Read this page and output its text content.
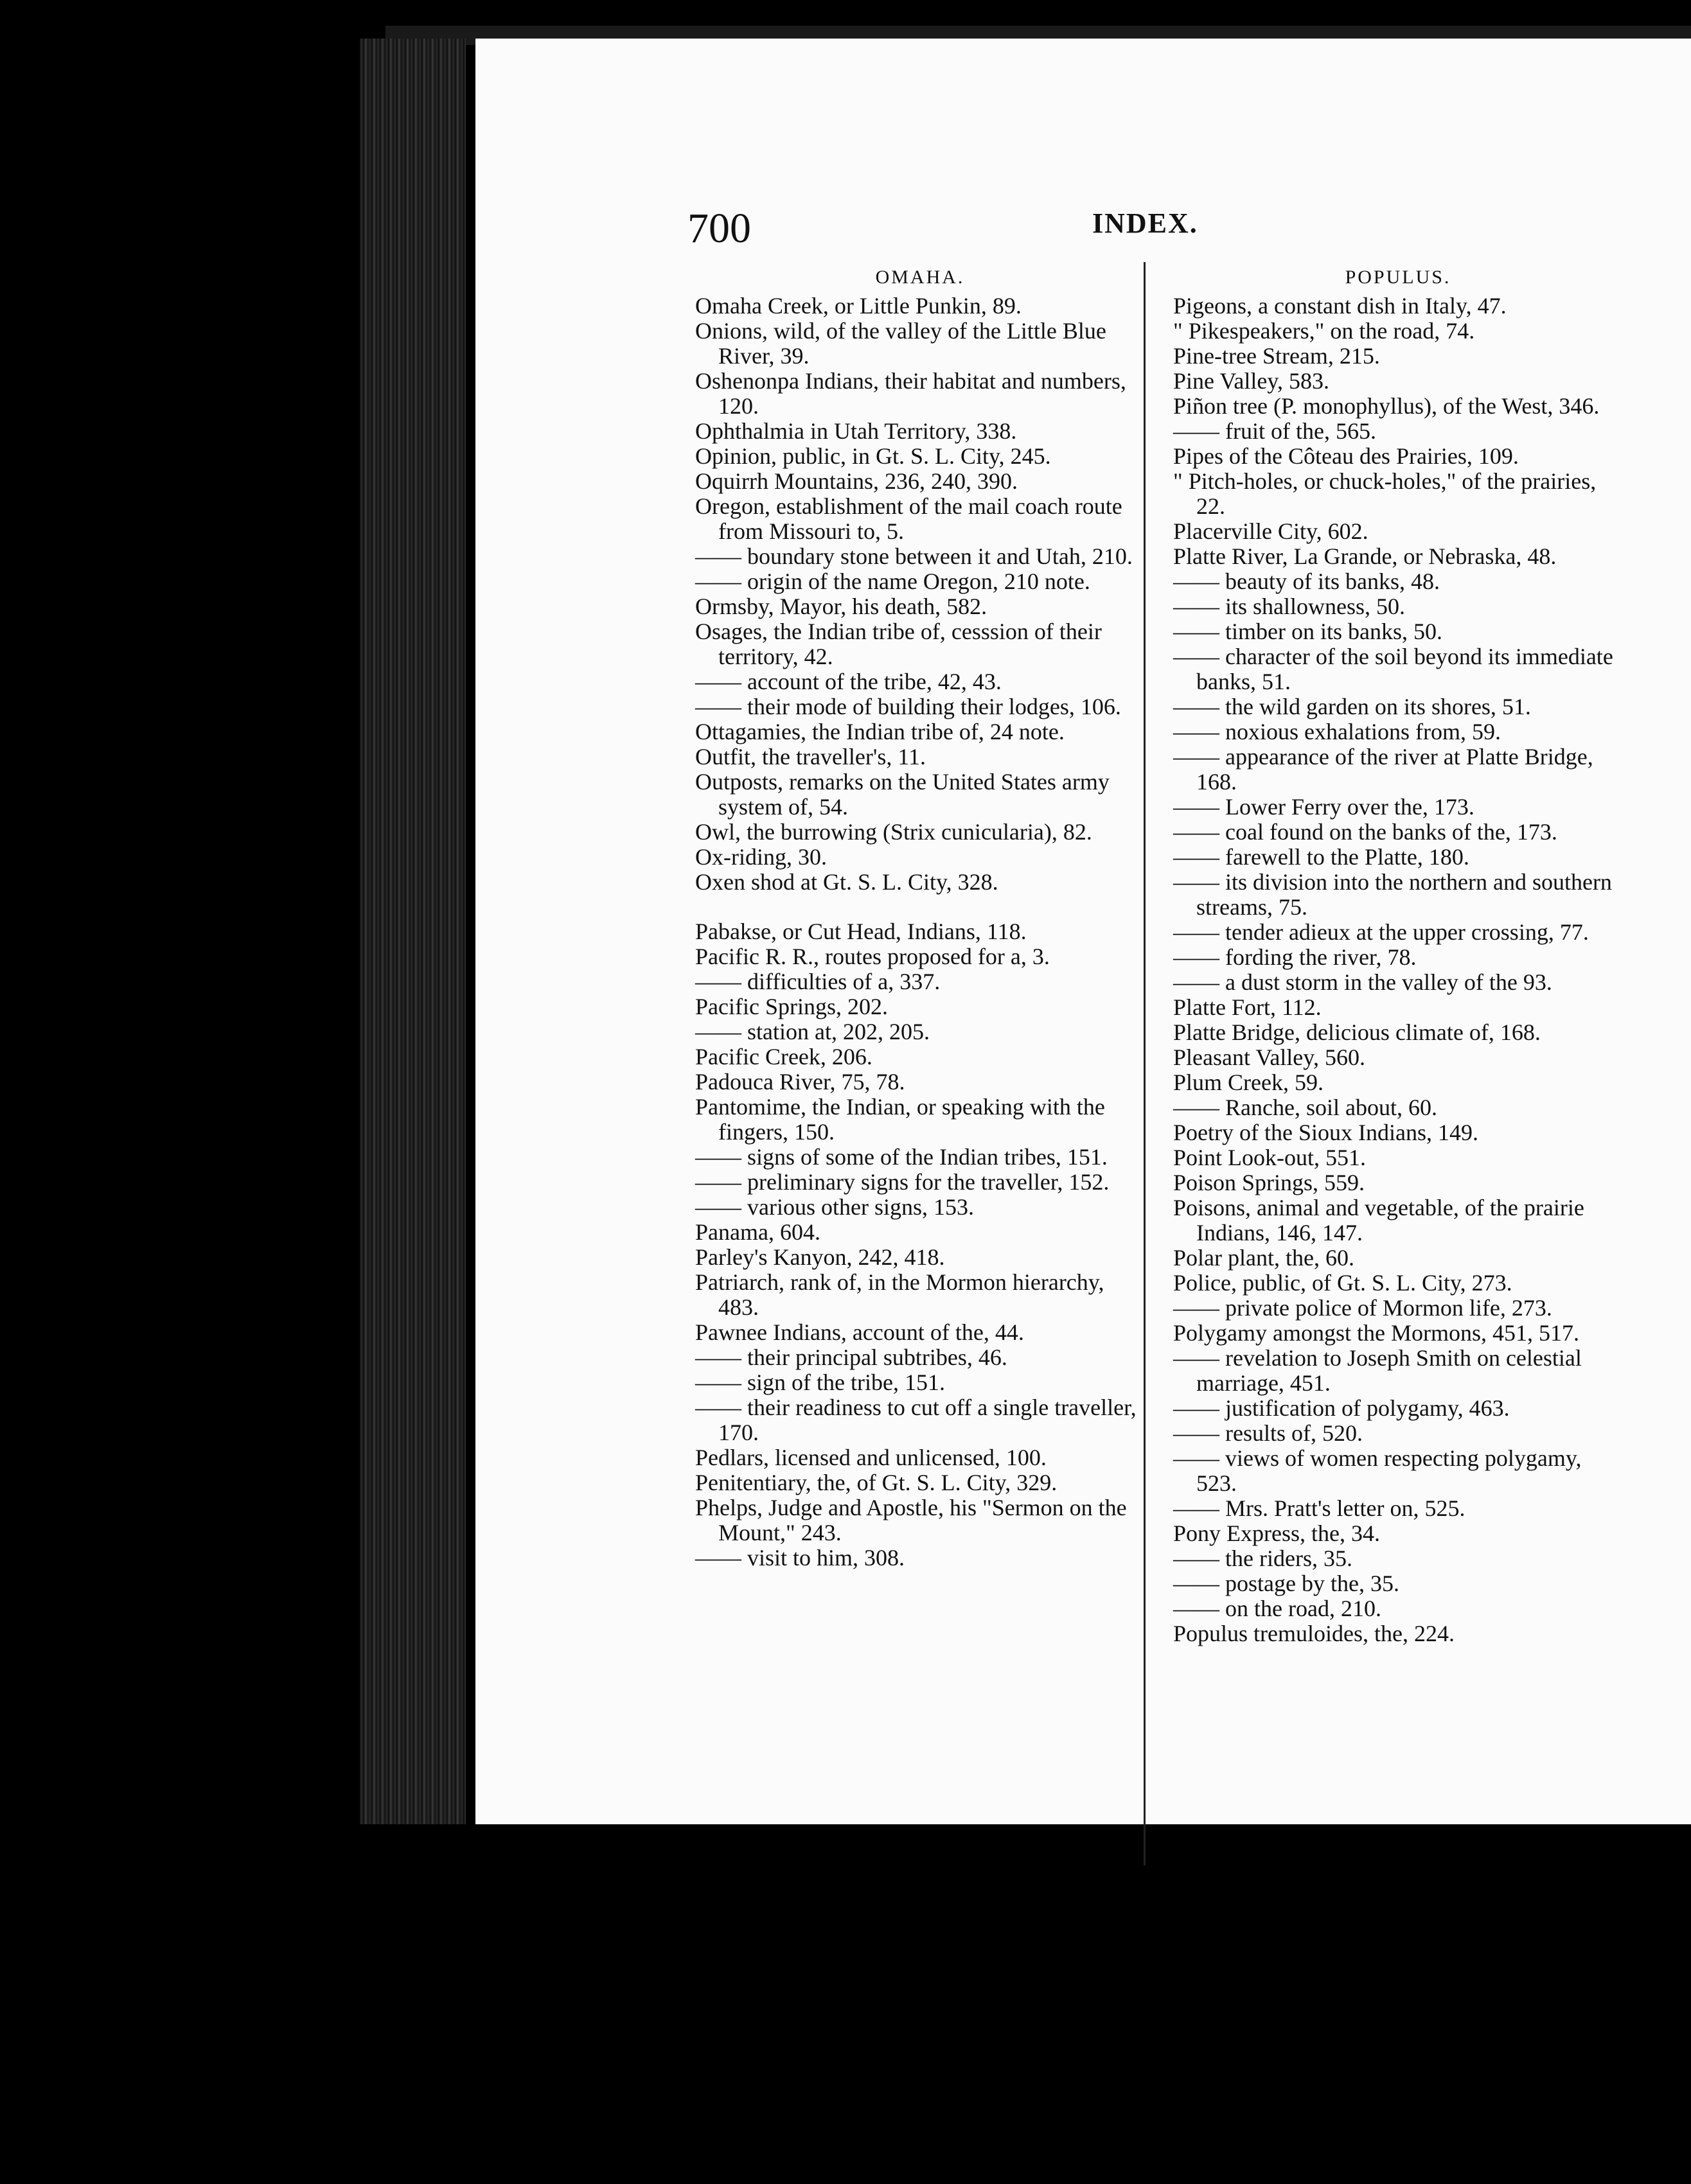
700	INDEX.
OMAHA.
Omaha Creek, or Little Punkin, 89.
Onions, wild, of the valley of the Little Blue River, 39.
Oshenonpa Indians, their habitat and numbers, 120.
Ophthalmia in Utah Territory, 338.
Opinion, public, in Gt. S. L. City, 245.
Oquirrh Mountains, 236, 240, 390.
Oregon, establishment of the mail coach route from Missouri to, 5.
—— boundary stone between it and Utah, 210.
—— origin of the name Oregon, 210 note.
Ormsby, Mayor, his death, 582.
Osages, the Indian tribe of, cesssion of their territory, 42.
—— account of the tribe, 42, 43.
—— their mode of building their lodges, 106.
Ottagamies, the Indian tribe of, 24 note.
Outfit, the traveller's, 11.
Outposts, remarks on the United States army system of, 54.
Owl, the burrowing (Strix cunicularia), 82.
Ox-riding, 30.
Oxen shod at Gt. S. L. City, 328.
Pabakse, or Cut Head, Indians, 118.
Pacific R. R., routes proposed for a, 3.
—— difficulties of a, 337.
Pacific Springs, 202.
—— station at, 202, 205.
Pacific Creek, 206.
Padouca River, 75, 78.
Pantomime, the Indian, or speaking with the fingers, 150.
—— signs of some of the Indian tribes, 151.
—— preliminary signs for the traveller, 152.
—— various other signs, 153.
Panama, 604.
Parley's Kanyon, 242, 418.
Patriarch, rank of, in the Mormon hierarchy, 483.
Pawnee Indians, account of the, 44.
—— their principal subtribes, 46.
—— sign of the tribe, 151.
—— their readiness to cut off a single traveller, 170.
Pedlars, licensed and unlicensed, 100.
Penitentiary, the, of Gt. S. L. City, 329.
Phelps, Judge and Apostle, his "Sermon on the Mount," 243.
—— visit to him, 308.
POPULUS.
Pigeons, a constant dish in Italy, 47.
" Pikespeakers," on the road, 74.
Pine-tree Stream, 215.
Pine Valley, 583.
Piñon tree (P. monophyllus), of the West, 346.
—— fruit of the, 565.
Pipes of the Côteau des Prairies, 109.
" Pitch-holes, or chuck-holes," of the prairies, 22.
Placerville City, 602.
Platte River, La Grande, or Nebraska, 48.
—— beauty of its banks, 48.
—— its shallowness, 50.
—— timber on its banks, 50.
—— character of the soil beyond its immediate banks, 51.
—— the wild garden on its shores, 51.
—— noxious exhalations from, 59.
—— appearance of the river at Platte Bridge, 168.
—— Lower Ferry over the, 173.
—— coal found on the banks of the, 173.
—— farewell to the Platte, 180.
—— its division into the northern and southern streams, 75.
—— tender adieux at the upper crossing, 77.
—— fording the river, 78.
—— a dust storm in the valley of the 93.
Platte Fort, 112.
Platte Bridge, delicious climate of, 168.
Pleasant Valley, 560.
Plum Creek, 59.
—— Ranche, soil about, 60.
Poetry of the Sioux Indians, 149.
Point Look-out, 551.
Poison Springs, 559.
Poisons, animal and vegetable, of the prairie Indians, 146, 147.
Polar plant, the, 60.
Police, public, of Gt. S. L. City, 273.
—— private police of Mormon life, 273.
Polygamy amongst the Mormons, 451, 517.
—— revelation to Joseph Smith on celestial marriage, 451.
—— justification of polygamy, 463.
—— results of, 520.
—— views of women respecting polygamy, 523.
—— Mrs. Pratt's letter on, 525.
Pony Express, the, 34.
—— the riders, 35.
—— postage by the, 35.
—— on the road, 210.
Populus tremuloides, the, 224.
